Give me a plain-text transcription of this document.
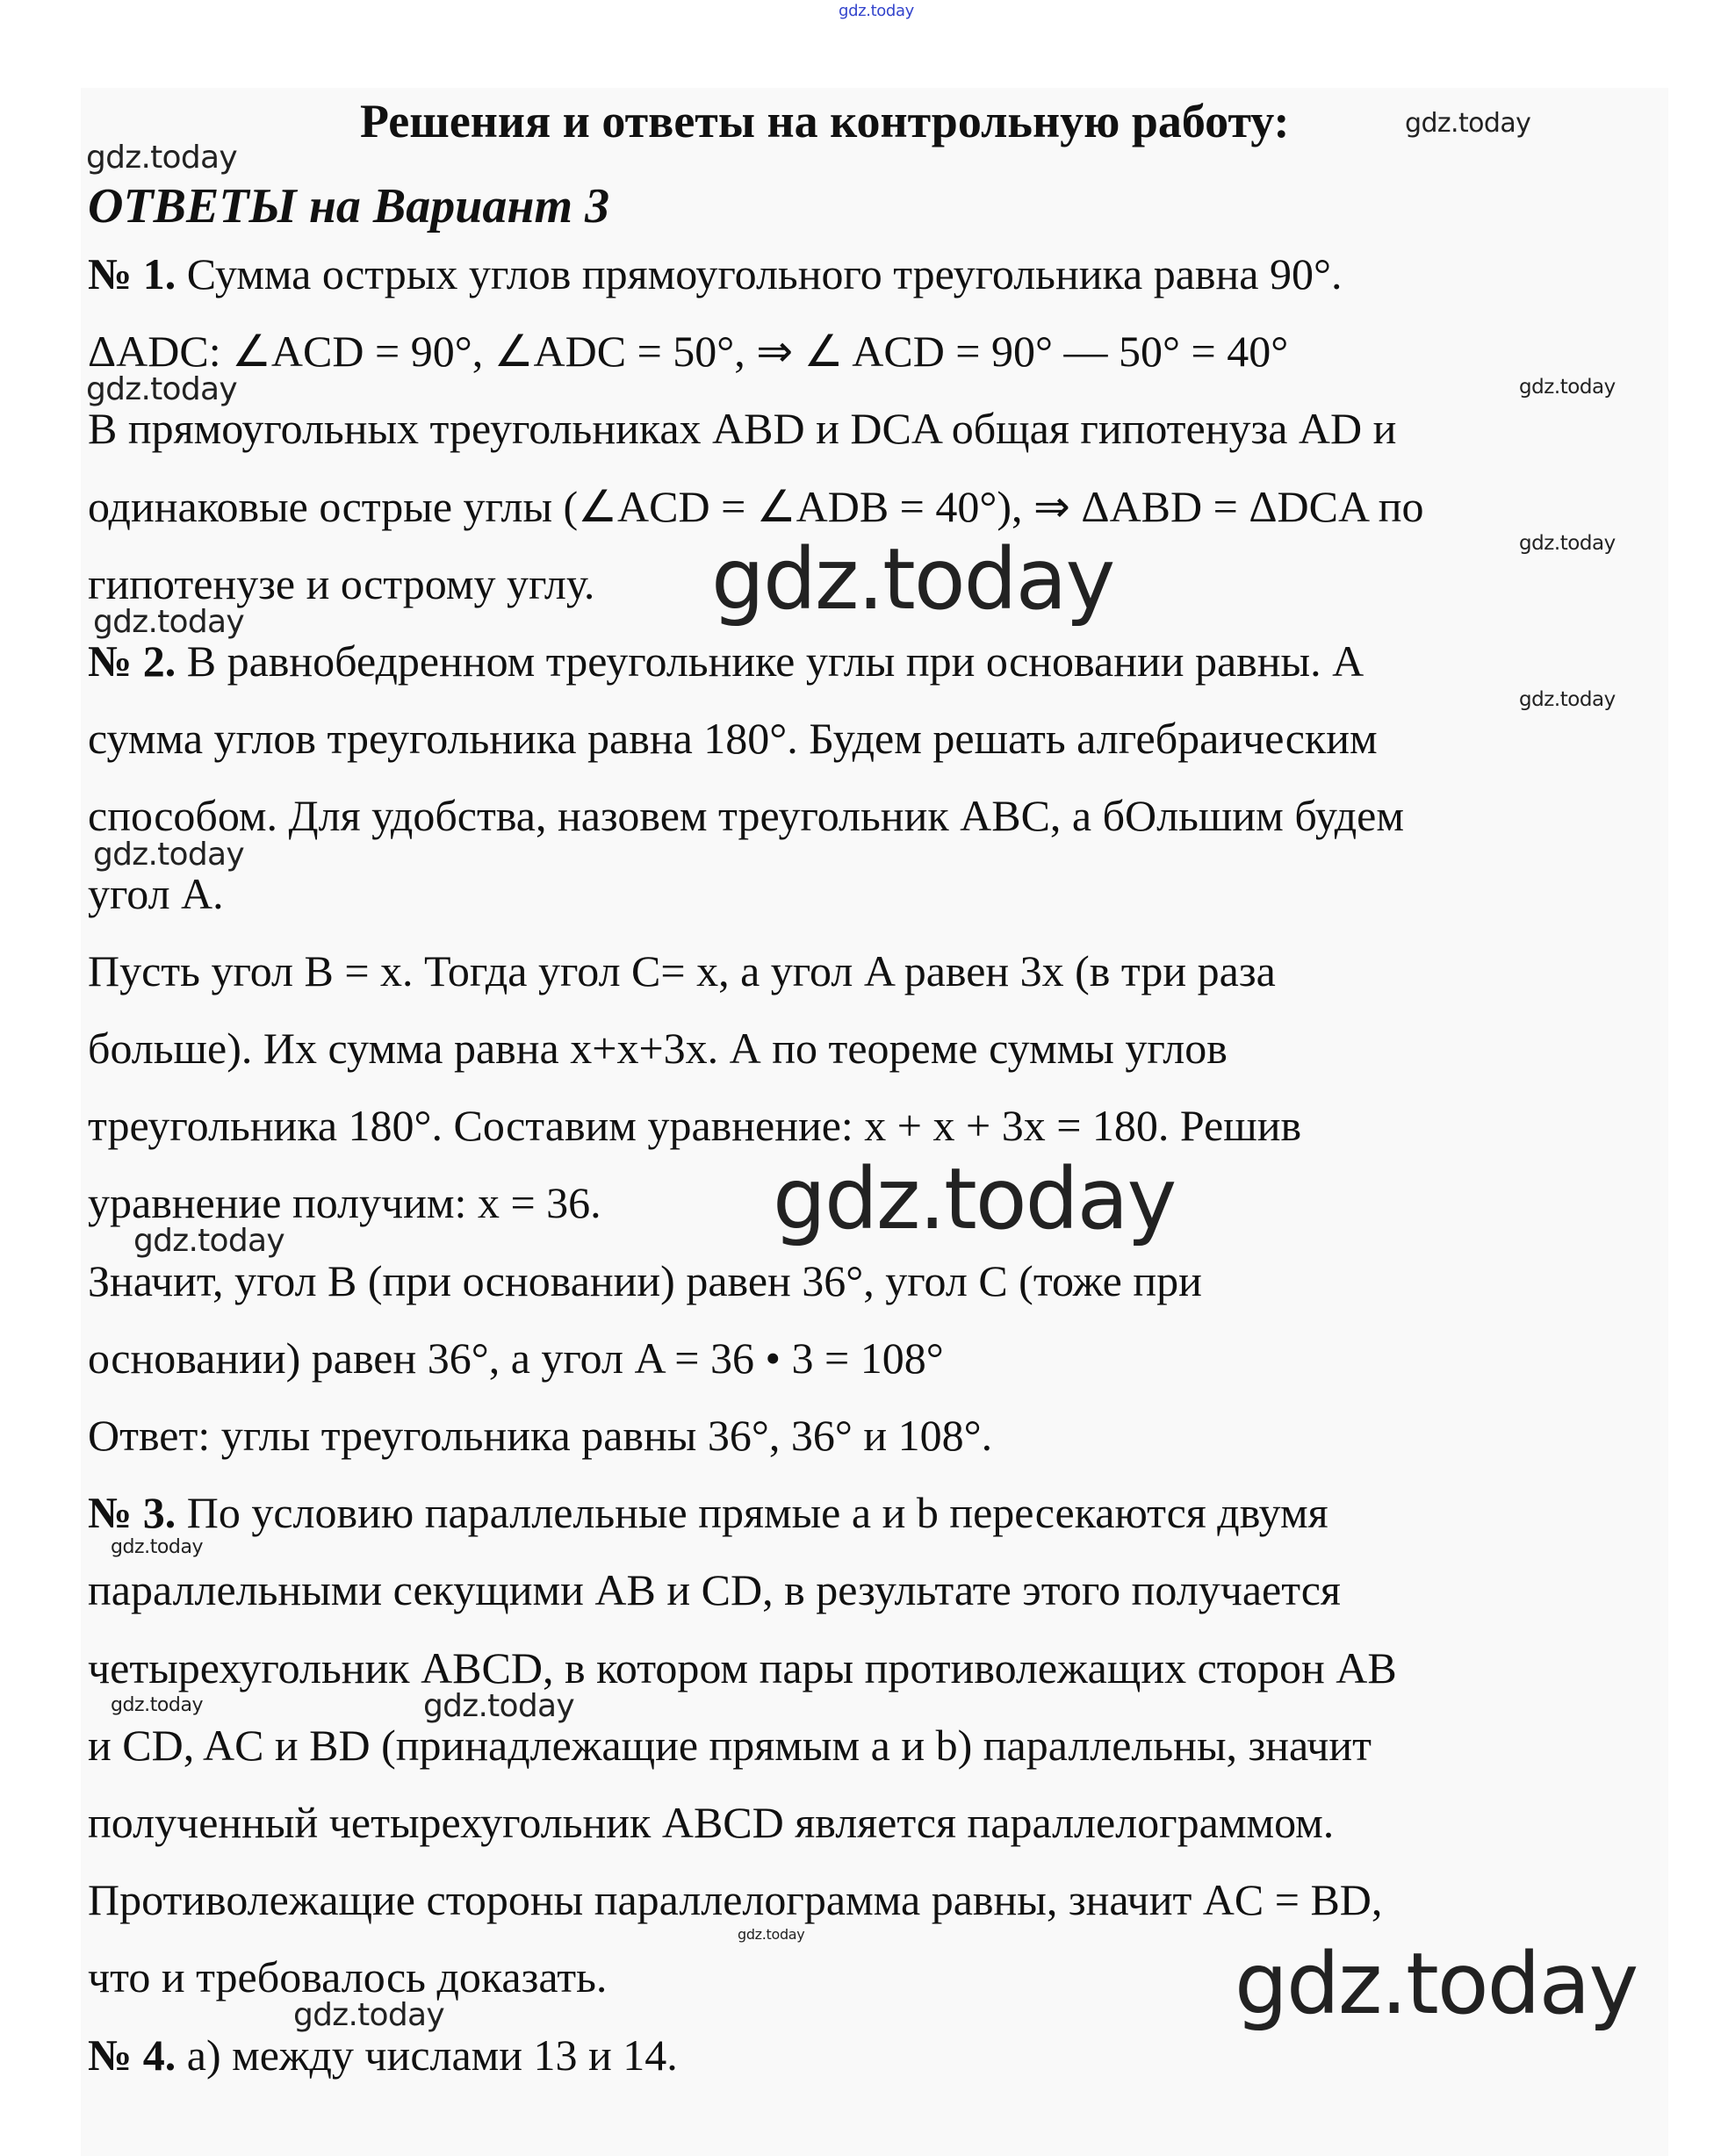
Решения и ответы на контрольную работу:
ОТВЕТЫ на Вариант 3
№ 1. Сумма острых углов прямоугольного треугольника равна 90°.
ΔADC: ∠ACD = 90°, ∠ADC = 50°, ⇒ ∠ ACD = 90° — 50° = 40°
В прямоугольных треугольниках ABD и DCA общая гипотенуза AD и
одинаковые острые углы (∠ACD = ∠ADB = 40°), ⇒ ΔABD = ΔDCA по
гипотенузе и острому углу.
№ 2. В равнобедренном треугольнике углы при основании равны. А
сумма углов треугольника равна 180°. Будем решать алгебраическим
способом. Для удобства, назовем треугольник ABC, а бОльшим будем
угол А.
Пусть угол B = x. Тогда угол C= x, а угол A равен 3x (в три раза
больше). Их сумма равна x+x+3x. А по теореме суммы углов
треугольника 180°. Составим уравнение: x + x + 3x = 180. Решив
уравнение получим: x = 36.
Значит, угол B (при основании) равен 36°, угол C (тоже при
основании) равен 36°, а угол A = 36 • 3 = 108°
Ответ: углы треугольника равны 36°, 36° и 108°.
№ 3. По условию параллельные прямые a и b пересекаются двумя
параллельными секущими AB и CD, в результате этого получается
четырехугольник ABCD, в котором пары противолежащих сторон AB
и CD, AC и BD (принадлежащие прямым a и b) параллельны, значит
полученный четырехугольник ABCD является параллелограммом.
Противолежащие стороны параллелограмма равны, значит AC = BD,
что и требовалось доказать.
№ 4. а) между числами 13 и 14.
gdz.today
gdz.today
gdz.today
gdz.today
gdz.today
gdz.today
gdz.today
gdz.today
gdz.today
gdz.today
gdz.today
gdz.today
gdz.today
gdz.today	gdz.today
gdz.today
gdz.today
gdz.today
